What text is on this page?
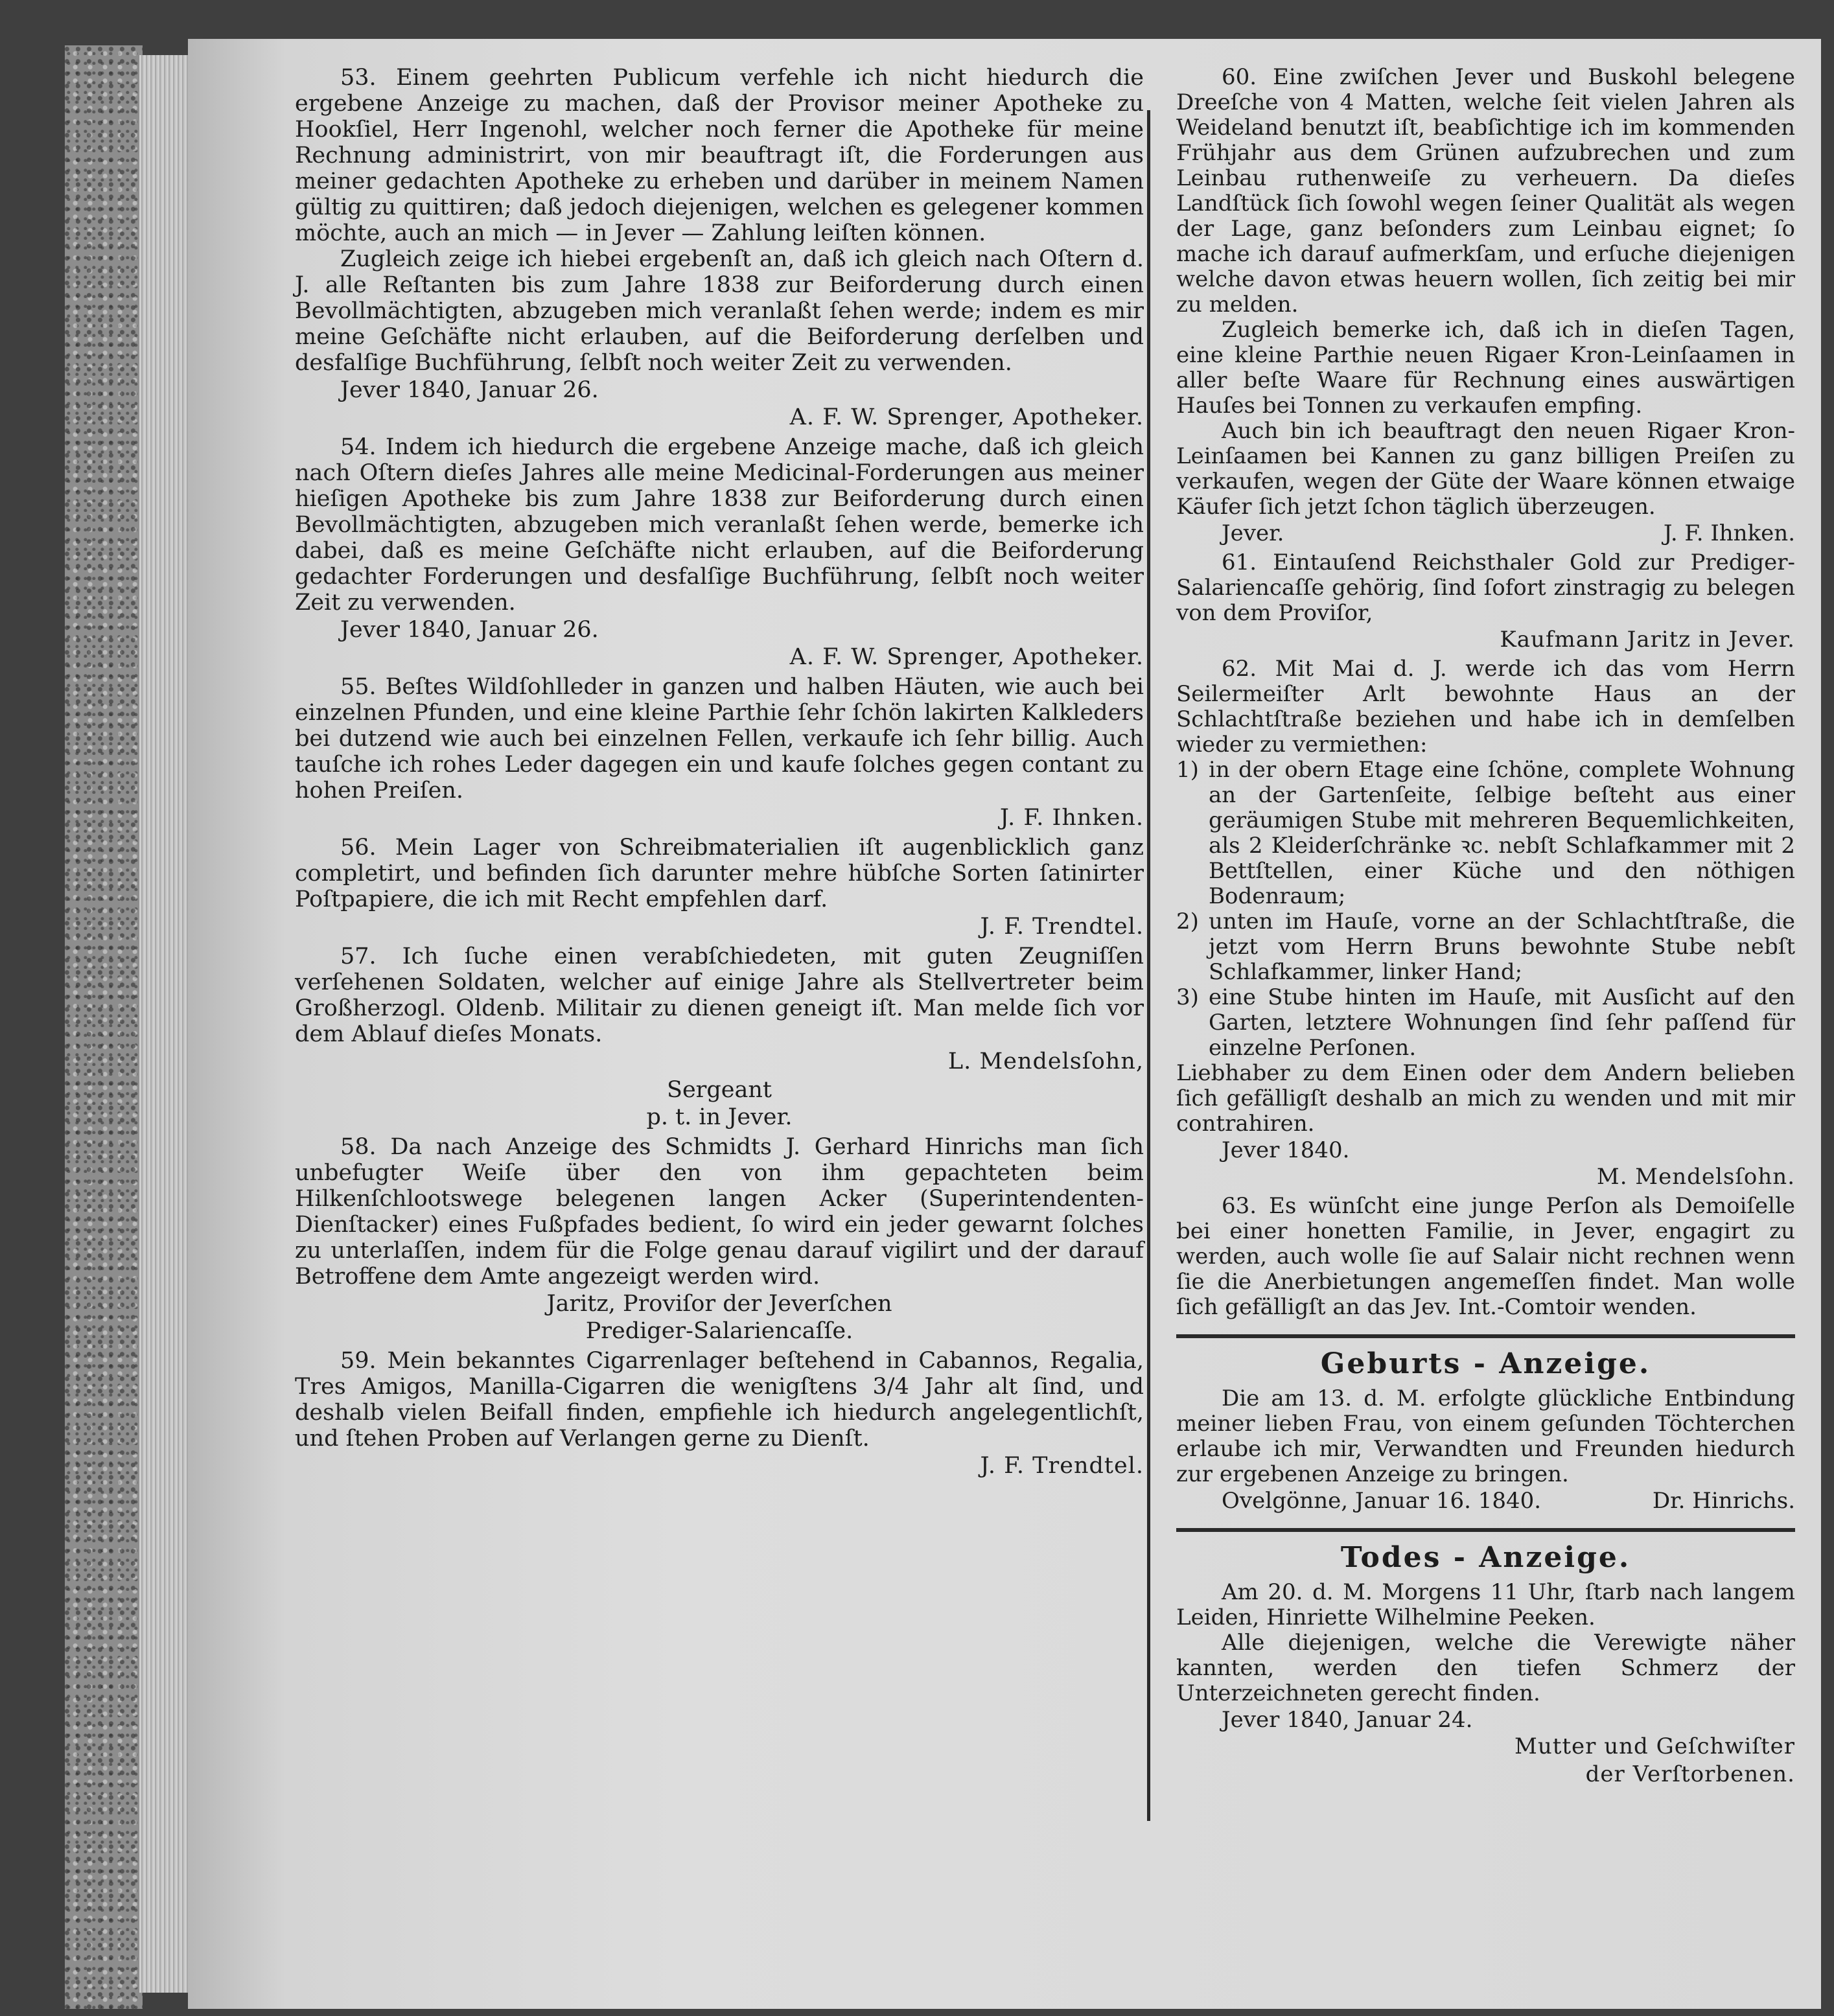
53. Einem geehrten Publicum verfehle ich nicht hiedurch die ergebene Anzeige zu machen, daß der Provisor meiner Apotheke zu Hookſiel, Herr Ingenohl, welcher noch ferner die Apotheke für meine Rechnung administrirt, von mir beauftragt iſt, die Forderungen aus meiner gedachten Apotheke zu erheben und darüber in meinem Namen gültig zu quittiren; daß jedoch diejenigen, welchen es gelegener kommen möchte, auch an mich — in Jever — Zahlung leiſten können.

Zugleich zeige ich hiebei ergebenſt an, daß ich gleich nach Oſtern d. J. alle Reſtanten bis zum Jahre 1838 zur Beiforderung durch einen Bevollmächtigten, abzugeben mich veranlaßt ſehen werde; indem es mir meine Geſchäfte nicht erlauben, auf die Beiforderung derſelben und desfalſige Buchführung, ſelbſt noch weiter Zeit zu verwenden.

Jever 1840, Januar 26.
A. F. W. Sprenger, Apotheker.

54. Indem ich hiedurch die ergebene Anzeige mache, daß ich gleich nach Oſtern dieſes Jahres alle meine Medicinal-Forderungen aus meiner hieſigen Apotheke bis zum Jahre 1838 zur Beiforderung durch einen Bevollmächtigten, abzugeben mich veranlaßt ſehen werde, bemerke ich dabei, daß es meine Geſchäfte nicht erlauben, auf die Beiforderung gedachter Forderungen und desfalſige Buchführung, ſelbſt noch weiter Zeit zu verwenden.

Jever 1840, Januar 26.
A. F. W. Sprenger, Apotheker.

55. Beſtes Wildſohlleder in ganzen und halben Häuten, wie auch bei einzelnen Pfunden, und eine kleine Parthie ſehr ſchön lakirten Kalkleders bei dutzend wie auch bei einzelnen Fellen, verkaufe ich ſehr billig. Auch tauſche ich rohes Leder dagegen ein und kaufe ſolches gegen contant zu hohen Preiſen.

J. F. Ihnken.

56. Mein Lager von Schreibmaterialien iſt augenblicklich ganz completirt, und befinden ſich darunter mehre hübſche Sorten ſatinirter Poſtpapiere, die ich mit Recht empfehlen darf.

J. F. Trendtel.

57. Ich ſuche einen verabſchiedeten, mit guten Zeugniſſen verſehenen Soldaten, welcher auf einige Jahre als Stellvertreter beim Großherzogl. Oldenb. Militair zu dienen geneigt iſt. Man melde ſich vor dem Ablauf dieſes Monats.

L. Mendelsſohn,
Sergeant
p. t. in Jever.

58. Da nach Anzeige des Schmidts J. Gerhard Hinrichs man ſich unbefugter Weiſe über den von ihm gepachteten beim Hilkenſchlootswege belegenen langen Acker (Superintendenten-Dienſtacker) eines Fußpfades bedient, ſo wird ein jeder gewarnt ſolches zu unterlaſſen, indem für die Folge genau darauf vigilirt und der darauf Betroffene dem Amte angezeigt werden wird.

Jaritz, Proviſor der Jeverſchen
Prediger-Salariencaſſe.

59. Mein bekanntes Cigarrenlager beſtehend in Cabannos, Regalia, Tres Amigos, Manilla-Cigarren die wenigſtens 3/4 Jahr alt ſind, und deshalb vielen Beifall finden, empfiehle ich hiedurch angelegentlichſt, und ſtehen Proben auf Verlangen gerne zu Dienſt.

J. F. Trendtel.

60. Eine zwiſchen Jever und Buskohl belegene Dreeſche von 4 Matten, welche ſeit vielen Jahren als Weideland benutzt iſt, beabſichtige ich im kommenden Frühjahr aus dem Grünen aufzubrechen und zum Leinbau ruthenweiſe zu verheuern. Da dieſes Landſtück ſich ſowohl wegen ſeiner Qualität als wegen der Lage, ganz beſonders zum Leinbau eignet; ſo mache ich darauf aufmerkſam, und erſuche diejenigen welche davon etwas heuern wollen, ſich zeitig bei mir zu melden.

Zugleich bemerke ich, daß ich in dieſen Tagen, eine kleine Parthie neuen Rigaer Kron-Leinſaamen in aller beſte Waare für Rechnung eines auswärtigen Hauſes bei Tonnen zu verkaufen empfing.

Auch bin ich beauftragt den neuen Rigaer Kron-Leinſaamen bei Kannen zu ganz billigen Preiſen zu verkaufen, wegen der Güte der Waare können etwaige Käufer ſich jetzt ſchon täglich überzeugen.

Jever.	J. F. Ihnken.

61. Eintauſend Reichsthaler Gold zur Prediger-Salariencaſſe gehörig, ſind ſofort zinstragig zu belegen von dem Proviſor,

Kaufmann Jaritz in Jever.

62. Mit Mai d. J. werde ich das vom Herrn Seilermeiſter Arlt bewohnte Haus an der Schlachtſtraße beziehen und habe ich in demſelben wieder zu vermiethen:

1) in der obern Etage eine ſchöne, complete Wohnung an der Gartenſeite, ſelbige beſteht aus einer geräumigen Stube mit mehreren Bequemlichkeiten, als 2 Kleiderſchränke ꝛc. nebſt Schlafkammer mit 2 Bettſtellen, einer Küche und den nöthigen Bodenraum;
2) unten im Hauſe, vorne an der Schlachtſtraße, die jetzt vom Herrn Bruns bewohnte Stube nebſt Schlafkammer, linker Hand;
3) eine Stube hinten im Hauſe, mit Ausſicht auf den Garten, letztere Wohnungen ſind ſehr paſſend für einzelne Perſonen.

Liebhaber zu dem Einen oder dem Andern belieben ſich gefälligſt deshalb an mich zu wenden und mit mir contrahiren.

Jever 1840.
M. Mendelsſohn.

63. Es wünſcht eine junge Perſon als Demoiſelle bei einer honetten Familie, in Jever, engagirt zu werden, auch wolle ſie auf Salair nicht rechnen wenn ſie die Anerbietungen angemeſſen findet. Man wolle ſich gefälligſt an das Jev. Int.-Comtoir wenden.

Geburts - Anzeige.

Die am 13. d. M. erfolgte glückliche Entbindung meiner lieben Frau, von einem geſunden Töchterchen erlaube ich mir, Verwandten und Freunden hiedurch zur ergebenen Anzeige zu bringen.

Ovelgönne, Januar 16. 1840.	Dr. Hinrichs.
Todes - Anzeige.

Am 20. d. M. Morgens 11 Uhr, ſtarb nach langem Leiden, Hinriette Wilhelmine Peeken.

Alle diejenigen, welche die Verewigte näher kannten, werden den tiefen Schmerz der Unterzeichneten gerecht finden.

Jever 1840, Januar 24.
Mutter und Geſchwiſter
der Verſtorbenen.
